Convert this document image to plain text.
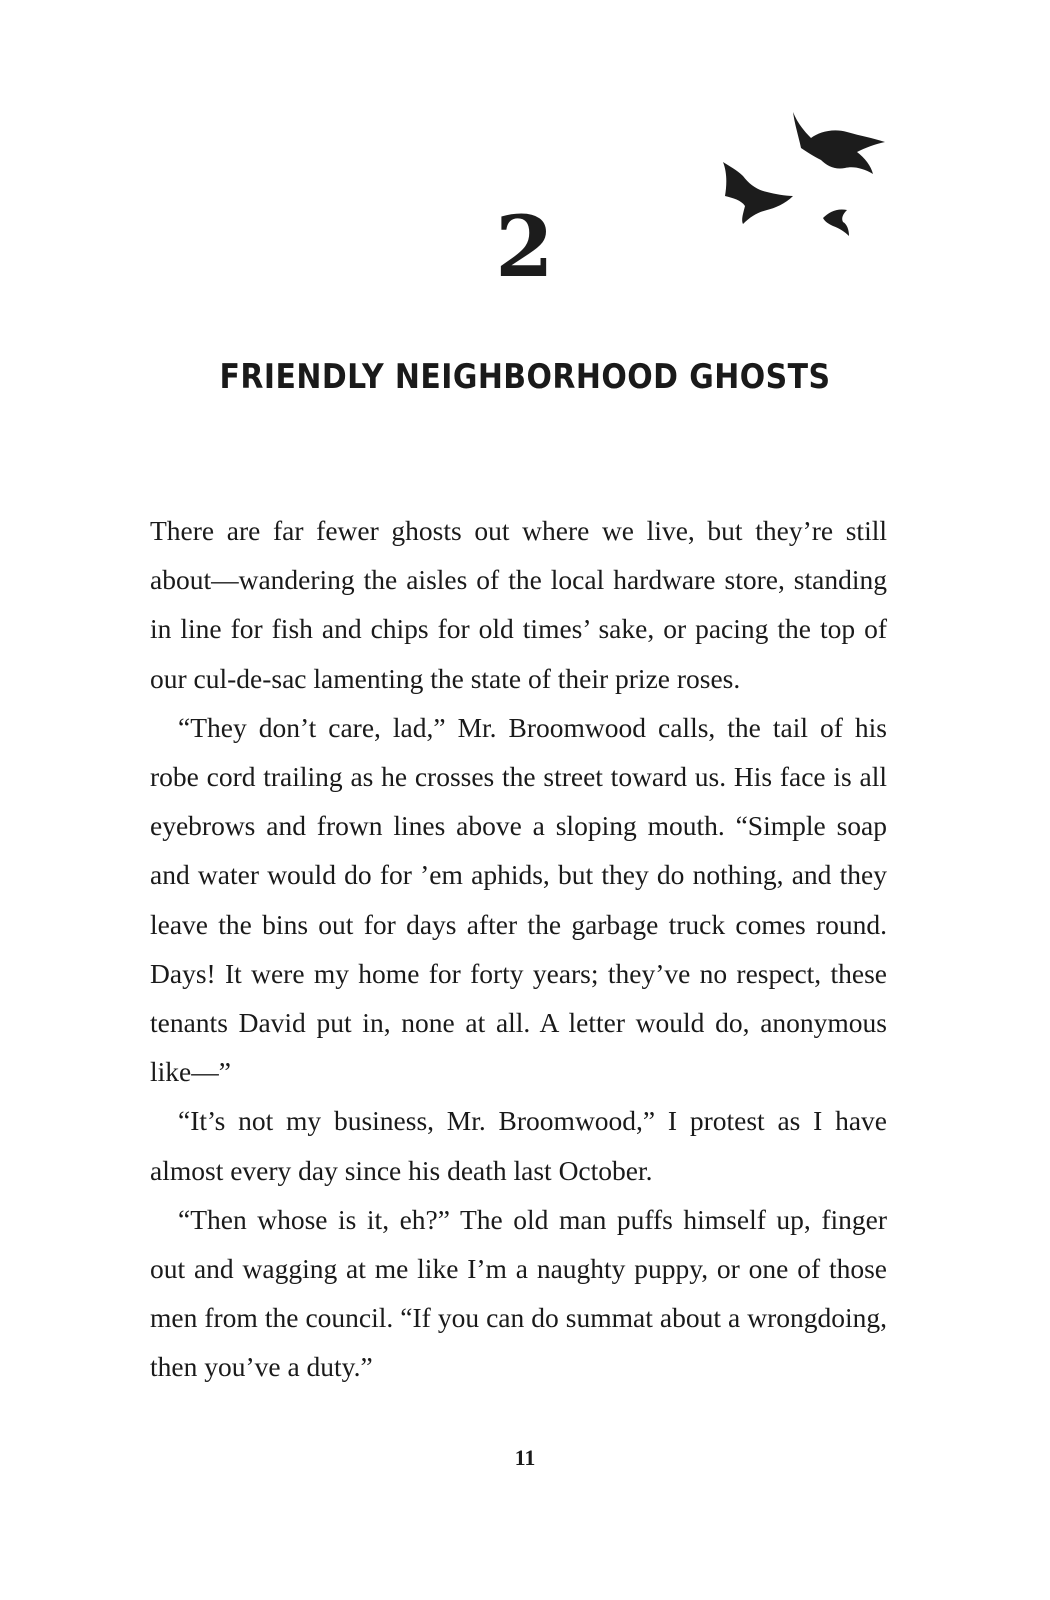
2
FRIENDLY NEIGHBORHOOD GHOSTS

There are far fewer ghosts out where we live, but they’re still about—wandering the aisles of the local hardware store, standing in line for fish and chips for old times’ sake, or pacing the top of our cul-de-sac lamenting the state of their prize roses.

“They don’t care, lad,” Mr. Broomwood calls, the tail of his robe cord trailing as he crosses the street toward us. His face is all eyebrows and frown lines above a sloping mouth. “Simple soap and water would do for ’em aphids, but they do nothing, and they leave the bins out for days after the garbage truck comes round. Days! It were my home for forty years; they’ve no respect, these tenants David put in, none at all. A letter would do, anonymous like—”

“It’s not my business, Mr. Broomwood,” I protest as I have almost every day since his death last October.

“Then whose is it, eh?” The old man puffs himself up, finger out and wagging at me like I’m a naughty puppy, or one of those men from the council. “If you can do summat about a wrongdoing, then you’ve a duty.”

11
